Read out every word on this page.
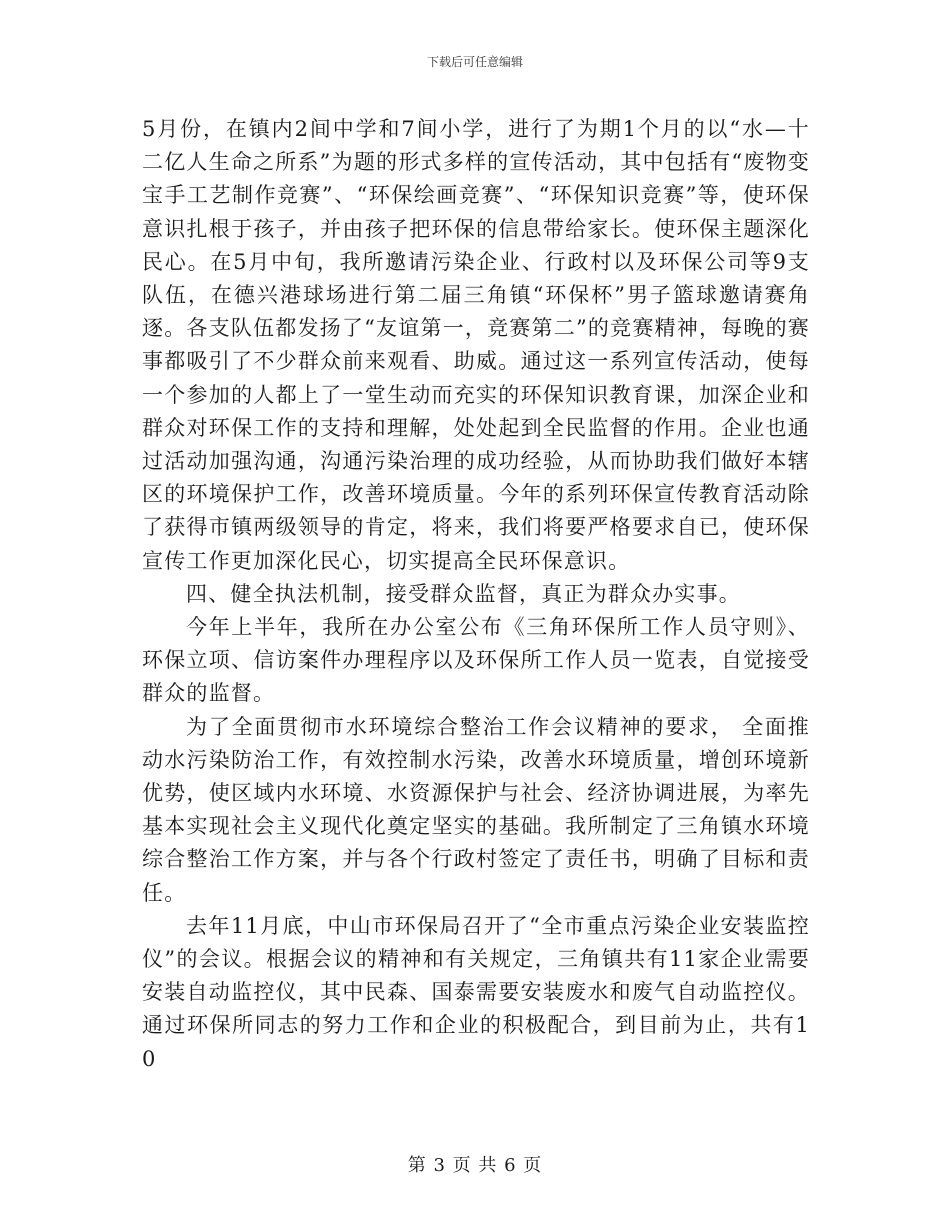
下载后可任意编辑

5月份，在镇内2间中学和7间小学，进行了为期1个月的以“水—十二亿人生命之所系”为题的形式多样的宣传活动，其中包括有“废物变宝手工艺制作竞赛”、“环保绘画竞赛”、“环保知识竞赛”等，使环保意识扎根于孩子，并由孩子把环保的信息带给家长。使环保主题深化民心。在5月中旬，我所邀请污染企业、行政村以及环保公司等9支队伍，在德兴港球场进行第二届三角镇“环保杯”男子篮球邀请赛角逐。各支队伍都发扬了“友谊第一，竞赛第二”的竞赛精神，每晚的赛事都吸引了不少群众前来观看、助威。通过这一系列宣传活动，使每一个参加的人都上了一堂生动而充实的环保知识教育课，加深企业和群众对环保工作的支持和理解，处处起到全民监督的作用。企业也通过活动加强沟通，沟通污染治理的成功经验，从而协助我们做好本辖区的环境保护工作，改善环境质量。今年的系列环保宣传教育活动除了获得市镇两级领导的肯定，将来，我们将要严格要求自已，使环保宣传工作更加深化民心，切实提高全民环保意识。

四、健全执法机制，接受群众监督，真正为群众办实事。

今年上半年，我所在办公室公布《三角环保所工作人员守则》、环保立项、信访案件办理程序以及环保所工作人员一览表，自觉接受群众的监督。

为了全面贯彻市水环境综合整治工作会议精神的要求， 全面推动水污染防治工作，有效控制水污染，改善水环境质量，增创环境新优势，使区域内水环境、水资源保护与社会、经济协调进展，为率先基本实现社会主义现代化奠定坚实的基础。我所制定了三角镇水环境综合整治工作方案，并与各个行政村签定了责任书，明确了目标和责任。

去年11月底，中山市环保局召开了“全市重点污染企业安装监控仪”的会议。根据会议的精神和有关规定，三角镇共有11家企业需要安装自动监控仪，其中民森、国泰需要安装废水和废气自动监控仪。通过环保所同志的努力工作和企业的积极配合，到目前为止，共有10

第 3 页 共 6 页
